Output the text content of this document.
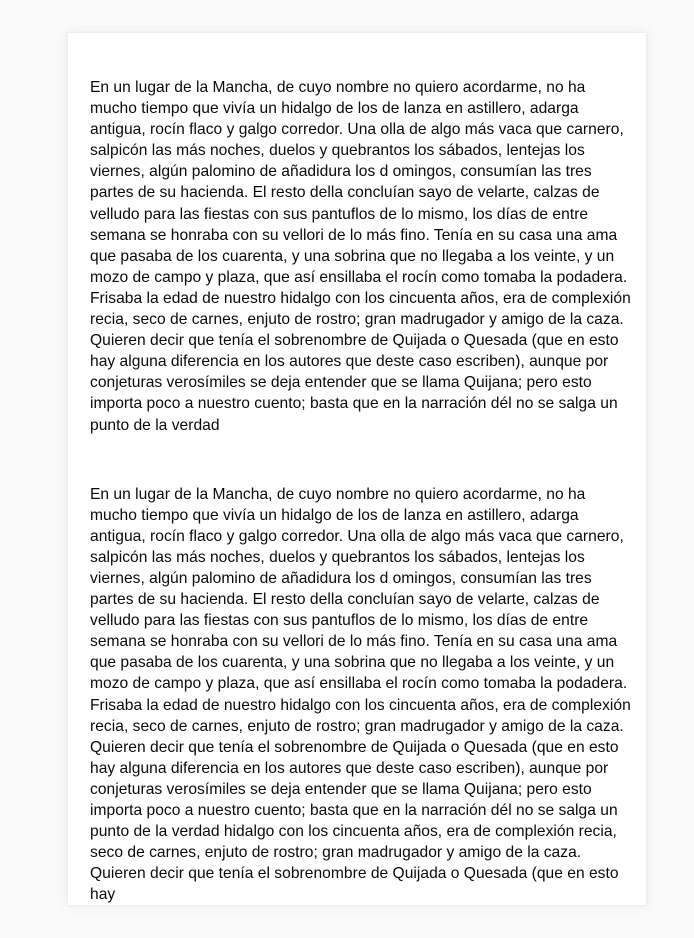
En un lugar de la Mancha, de cuyo nombre no quiero acordarme, no ha mucho tiempo que vivía un hidalgo de los de lanza en astillero, adarga antigua, rocín flaco y galgo corredor. Una olla de algo más vaca que carnero, salpicón las más noches, duelos y quebrantos los sábados, lentejas los viernes, algún palomino de añadidura los d omingos, consumían las tres partes de su hacienda. El resto della concluían sayo de velarte, calzas de velludo para las fiestas con sus pantuflos de lo mismo, los días de entre semana se honraba con su vellori de lo más fino. Tenía en su casa una ama que pasaba de los cuarenta, y una sobrina que no llegaba a los veinte, y un mozo de campo y plaza, que así ensillaba el rocín como tomaba la podadera. Frisaba la edad de nuestro hidalgo con los cincuenta años, era de complexión recia, seco de carnes, enjuto de rostro; gran madrugador y amigo de la caza. Quieren decir que tenía el sobrenombre de Quijada o Quesada (que en esto hay alguna diferencia en los autores que deste caso escriben), aunque por conjeturas verosímiles se deja entender que se llama Quijana; pero esto importa poco a nuestro cuento; basta que en la narración dél no se salga un punto de la verdad

En un lugar de la Mancha, de cuyo nombre no quiero acordarme, no ha mucho tiempo que vivía un hidalgo de los de lanza en astillero, adarga antigua, rocín flaco y galgo corredor. Una olla de algo más vaca que carnero, salpicón las más noches, duelos y quebrantos los sábados, lentejas los viernes, algún palomino de añadidura los d omingos, consumían las tres partes de su hacienda. El resto della concluían sayo de velarte, calzas de velludo para las fiestas con sus pantuflos de lo mismo, los días de entre semana se honraba con su vellori de lo más fino. Tenía en su casa una ama que pasaba de los cuarenta, y una sobrina que no llegaba a los veinte, y un mozo de campo y plaza, que así ensillaba el rocín como tomaba la podadera. Frisaba la edad de nuestro hidalgo con los cincuenta años, era de complexión recia, seco de carnes, enjuto de rostro; gran madrugador y amigo de la caza. Quieren decir que tenía el sobrenombre de Quijada o Quesada (que en esto hay alguna diferencia en los autores que deste caso escriben), aunque por conjeturas verosímiles se deja entender que se llama Quijana; pero esto importa poco a nuestro cuento; basta que en la narración dél no se salga un punto de la verdad hidalgo con los cincuenta años, era de complexión recia, seco de carnes, enjuto de rostro; gran madrugador y amigo de la caza. Quieren decir que tenía el sobrenombre de Quijada o Quesada (que en esto hay
